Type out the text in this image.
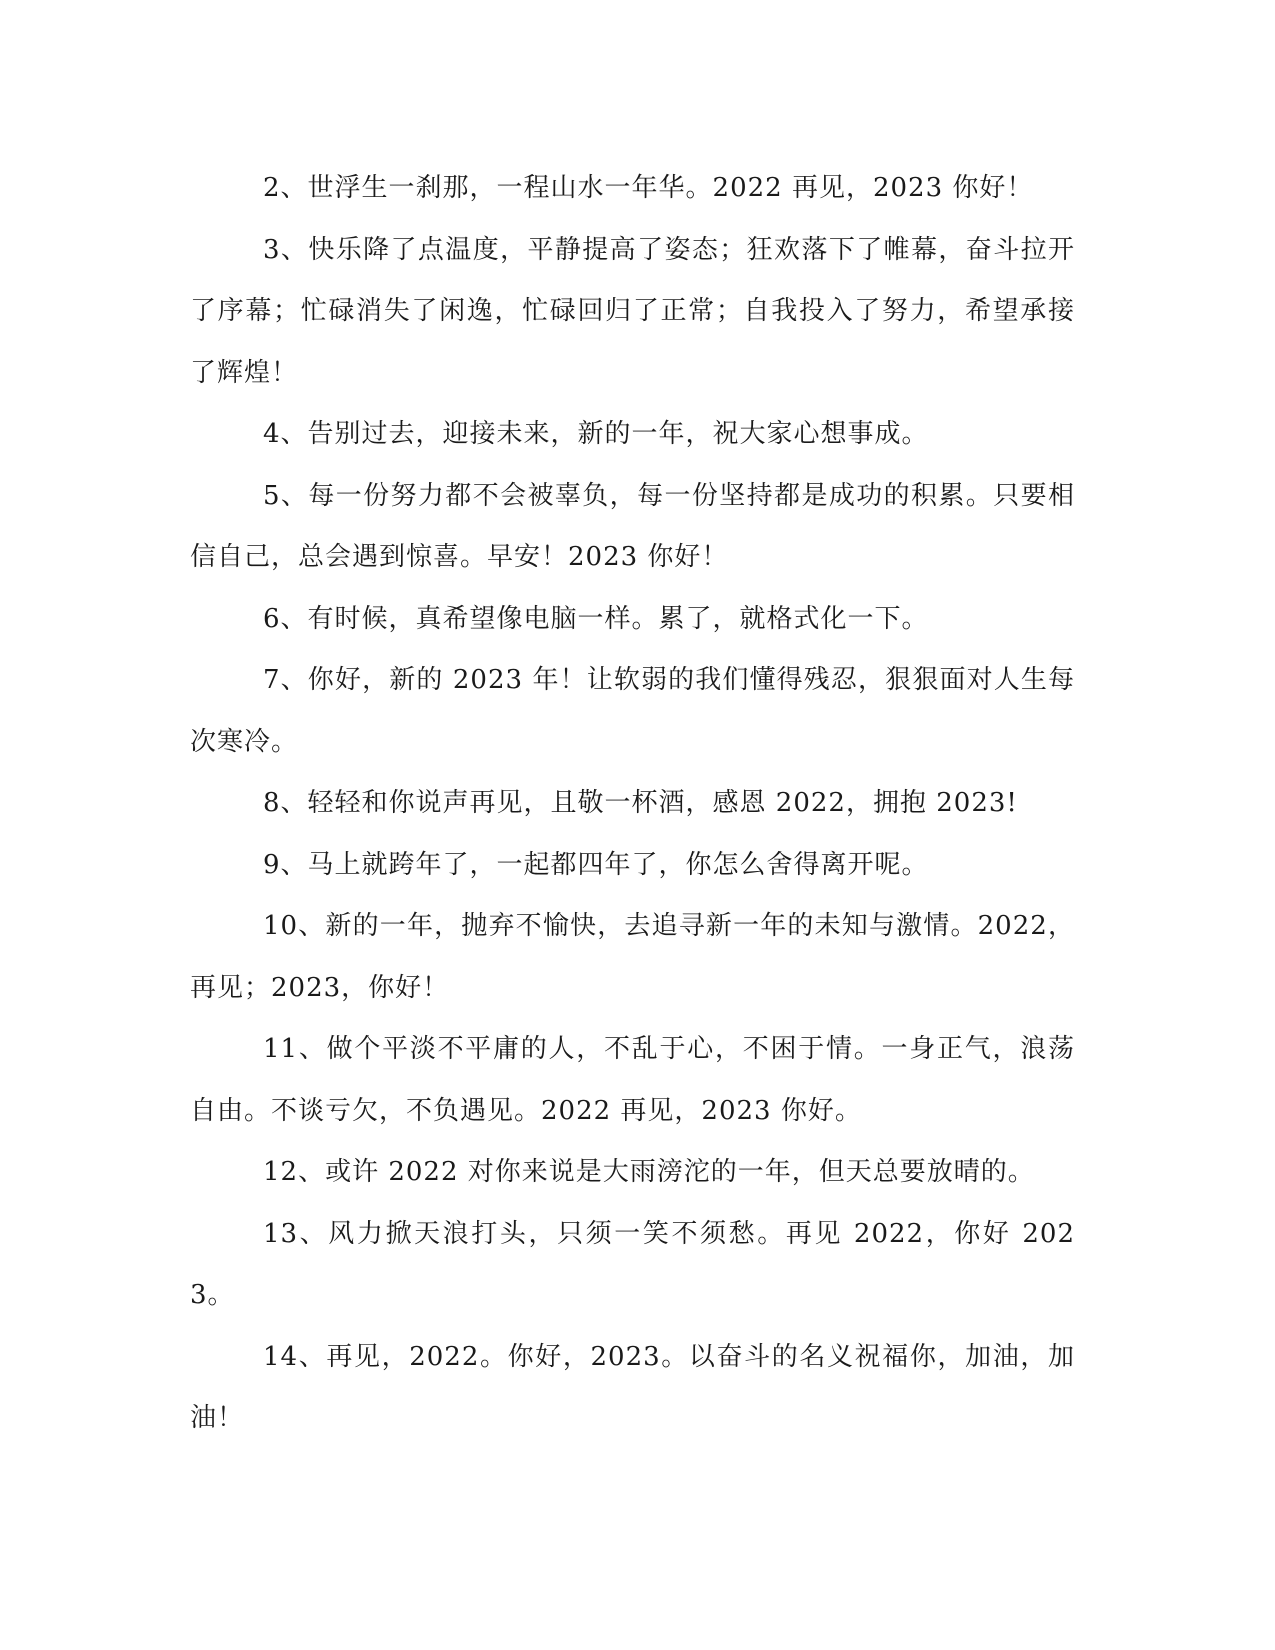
2、世浮生一刹那，一程山水一年华。2022 再见，2023 你好！

3、快乐降了点温度，平静提高了姿态；狂欢落下了帷幕，奋斗拉开了序幕；忙碌消失了闲逸，忙碌回归了正常；自我投入了努力，希望承接了辉煌！

4、告别过去，迎接未来，新的一年，祝大家心想事成。

5、每一份努力都不会被辜负，每一份坚持都是成功的积累。只要相信自己，总会遇到惊喜。早安！2023 你好！

6、有时候，真希望像电脑一样。累了，就格式化一下。

7、你好，新的 2023 年！让软弱的我们懂得残忍，狠狠面对人生每次寒冷。

8、轻轻和你说声再见，且敬一杯酒，感恩 2022，拥抱 2023!

9、马上就跨年了，一起都四年了，你怎么舍得离开呢。

10、新的一年，抛弃不愉快，去追寻新一年的未知与激情。2022，再见；2023，你好！

11、做个平淡不平庸的人，不乱于心，不困于情。一身正气，浪荡自由。不谈亏欠，不负遇见。2022 再见，2023 你好。

12、或许 2022 对你来说是大雨滂沱的一年，但天总要放晴的。

13、风力掀天浪打头，只须一笑不须愁。再见 2022，你好 2023。

14、再见，2022。你好，2023。以奋斗的名义祝福你，加油，加油！
